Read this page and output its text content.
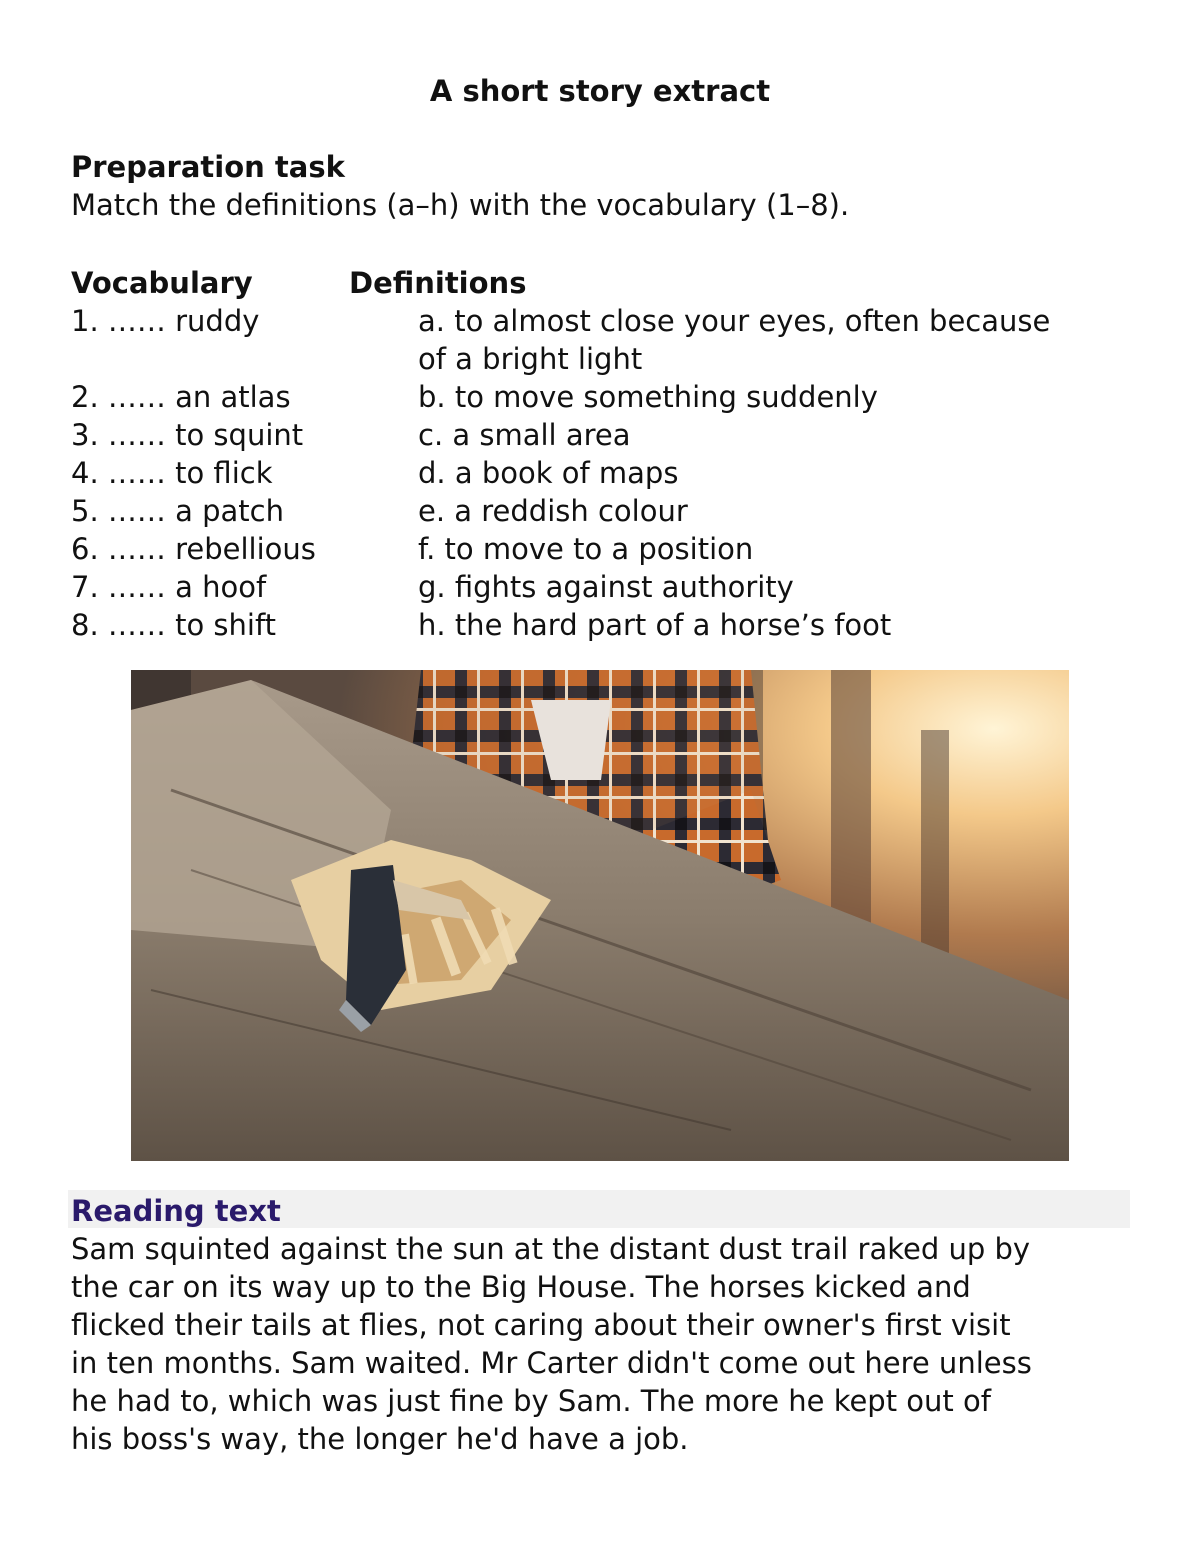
A short story extract
Preparation task
Match the definitions (a–h) with the vocabulary (1–8).
Vocabulary	Definitions
1. …… ruddy
2. …… an atlas
3. …… to squint
4. …… to flick
5. …… a patch
6. …… rebellious
7. …… a hoof
8. …… to shift
a. to almost close your eyes, often because
of a bright light
b. to move something suddenly
c. a small area
d. a book of maps
e. a reddish colour
f. to move to a position
g. fights against authority
h. the hard part of a horse’s foot
Reading text

Sam squinted against the sun at the distant dust trail raked up by
the car on its way up to the Big House. The horses kicked and
flicked their tails at flies, not caring about their owner's first visit
in ten months. Sam waited. Mr Carter didn't come out here unless
he had to, which was just fine by Sam. The more he kept out of
his boss's way, the longer he'd have a job.
